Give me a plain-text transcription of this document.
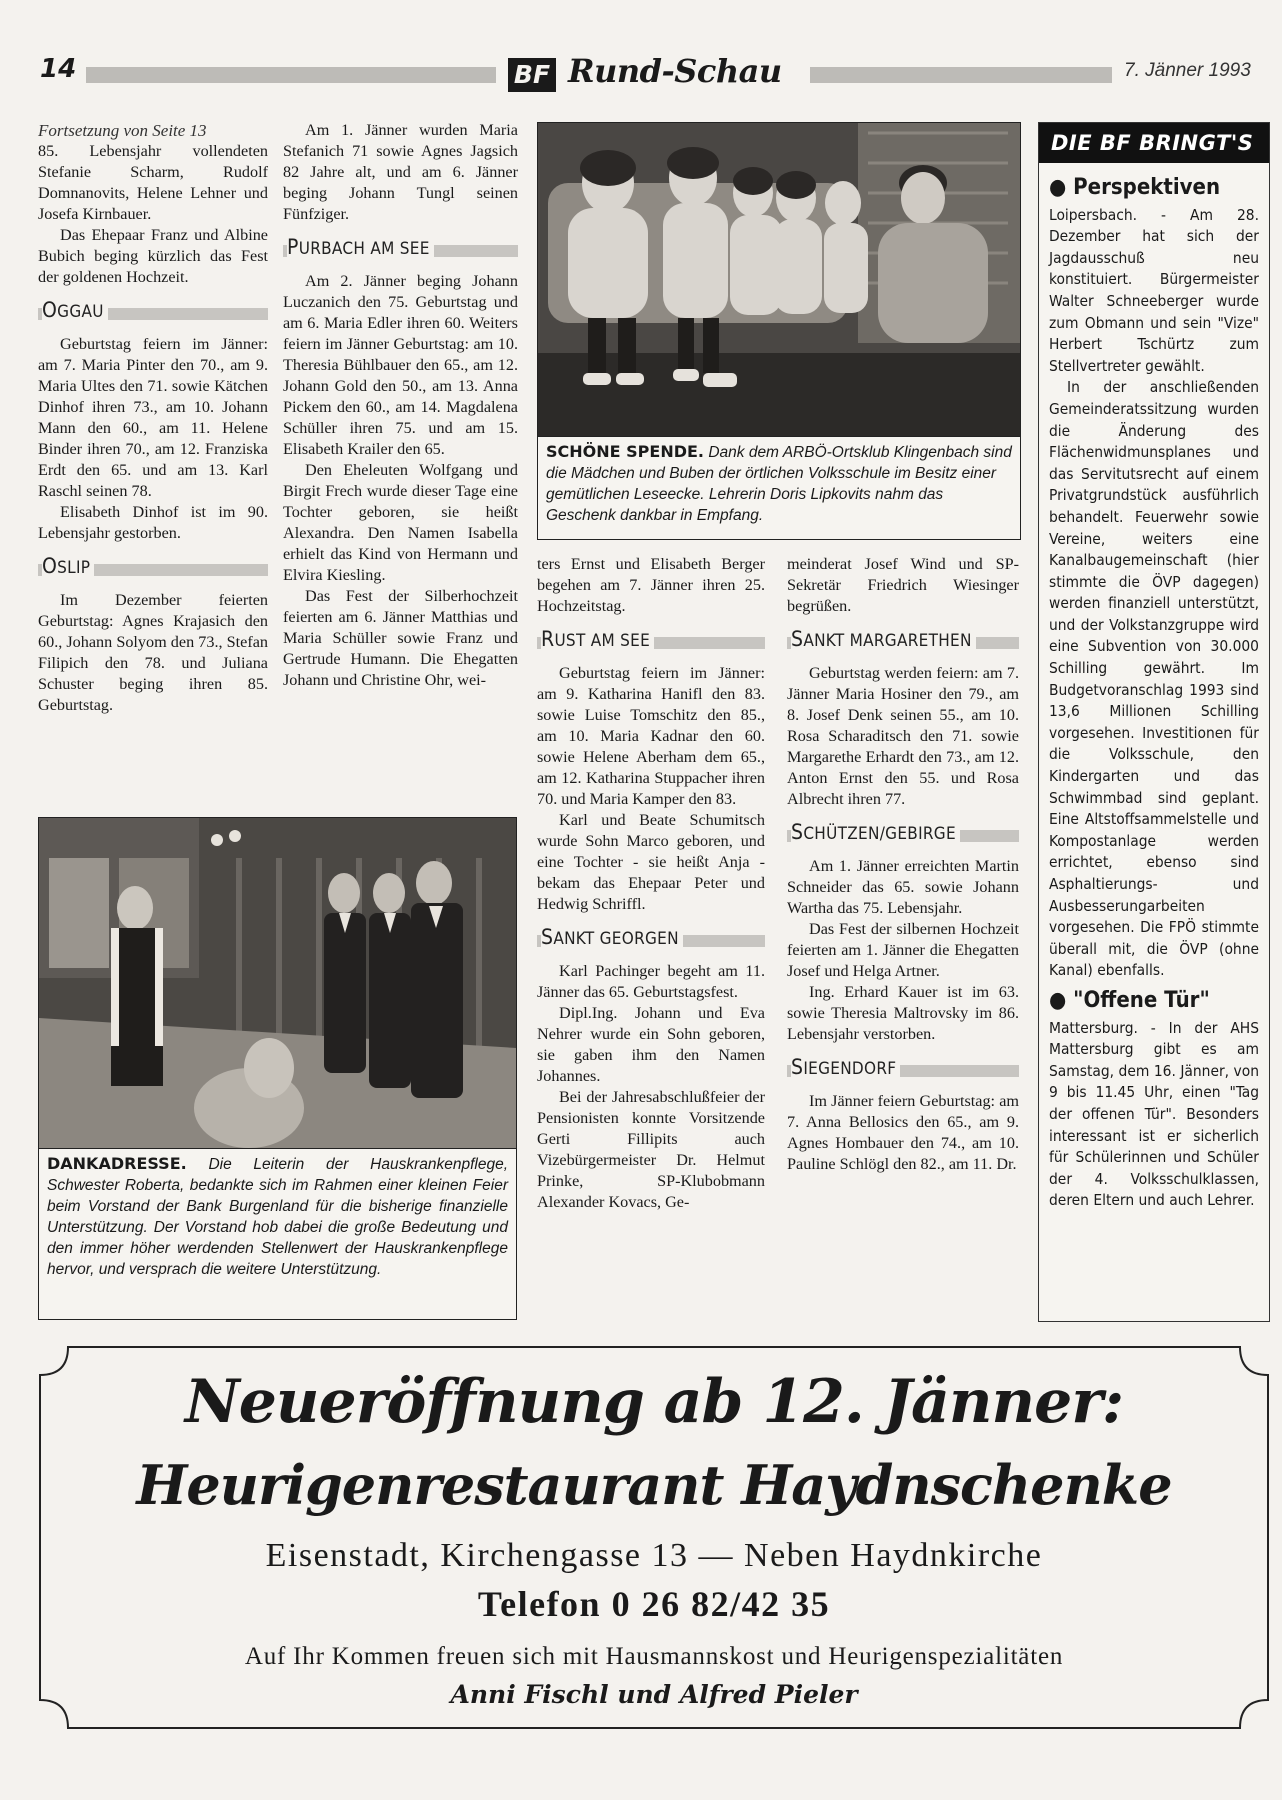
14	BF Rund-Schau	7. Jänner 1993

Fortsetzung von Seite 13

85. Lebensjahr vollendeten Stefanie Scharm, Rudolf Domnanovits, Helene Lehner und Josefa Kirnbauer.

Das Ehepaar Franz und Albine Bubich beging kürzlich das Fest der goldenen Hochzeit.

OGGAU

Geburtstag feiern im Jänner: am 7. Maria Pinter den 70., am 9. Maria Ultes den 71. sowie Kätchen Dinhof ihren 73., am 10. Johann Mann den 60., am 11. Helene Binder ihren 70., am 12. Franziska Erdt den 65. und am 13. Karl Raschl seinen 78.

Elisabeth Dinhof ist im 90. Lebensjahr gestorben.

OSLIP

Im Dezember feierten Geburtstag: Agnes Krajasich den 60., Johann Solyom den 73., Stefan Filipich den 78. und Juliana Schuster beging ihren 85. Geburtstag.

Am 1. Jänner wurden Maria Stefanich 71 sowie Agnes Jagsich 82 Jahre alt, und am 6. Jänner beging Johann Tungl seinen Fünfziger.

PURBACH AM SEE

Am 2. Jänner beging Johann Luczanich den 75. Geburtstag und am 6. Maria Edler ihren 60. Weiters feiern im Jänner Geburtstag: am 10. Theresia Bühlbauer den 65., am 12. Johann Gold den 50., am 13. Anna Pickem den 60., am 14. Magdalena Schüller ihren 75. und am 15. Elisabeth Krailer den 65.

Den Eheleuten Wolfgang und Birgit Frech wurde dieser Tage eine Tochter geboren, sie heißt Alexandra. Den Namen Isabella erhielt das Kind von Hermann und Elvira Kiesling.

Das Fest der Silberhochzeit feierten am 6. Jänner Matthias und Maria Schüller sowie Franz und Gertrude Humann. Die Ehegatten Johann und Christine Ohr, wei-

SCHÖNE SPENDE. Dank dem ARBÖ-Ortsklub Klingenbach sind die Mädchen und Buben der örtlichen Volksschule im Besitz einer gemütlichen Leseecke. Lehrerin Doris Lipkovits nahm das Geschenk dankbar in Empfang.

ters Ernst und Elisabeth Berger begehen am 7. Jänner ihren 25. Hochzeitstag.

RUST AM SEE

Geburtstag feiern im Jänner: am 9. Katharina Hanifl den 83. sowie Luise Tomschitz den 85., am 10. Maria Kadnar den 60. sowie Helene Aberham dem 65., am 12. Katharina Stuppacher ihren 70. und Maria Kamper den 83.

Karl und Beate Schumitsch wurde Sohn Marco geboren, und eine Tochter - sie heißt Anja - bekam das Ehepaar Peter und Hedwig Schriffl.

SANKT GEORGEN

Karl Pachinger begeht am 11. Jänner das 65. Geburtstagsfest.

Dipl.Ing. Johann und Eva Nehrer wurde ein Sohn geboren, sie gaben ihm den Namen Johannes.

Bei der Jahresabschlußfeier der Pensionisten konnte Vorsitzende Gerti Fillipits auch Vizebürgermeister Dr. Helmut Prinke, SP-Klubobmann Alexander Kovacs, Ge-

meinderat Josef Wind und SP-Sekretär Friedrich Wiesinger begrüßen.

SANKT MARGARETHEN

Geburtstag werden feiern: am 7. Jänner Maria Hosiner den 79., am 8. Josef Denk seinen 55., am 10. Rosa Scharaditsch den 71. sowie Margarethe Erhardt den 73., am 12. Anton Ernst den 55. und Rosa Albrecht ihren 77.

SCHÜTZEN/GEBIRGE

Am 1. Jänner erreichten Martin Schneider das 65. sowie Johann Wartha das 75. Lebensjahr.

Das Fest der silbernen Hochzeit feierten am 1. Jänner die Ehegatten Josef und Helga Artner.

Ing. Erhard Kauer ist im 63. sowie Theresia Maltrovsky im 86. Lebensjahr verstorben.

SIEGENDORF

Im Jänner feiern Geburtstag: am 7. Anna Bellosics den 65., am 9. Agnes Hombauer den 74., am 10. Pauline Schlögl den 82., am 11. Dr.

DANKADRESSE. Die Leiterin der Hauskrankenpflege, Schwester Roberta, bedankte sich im Rahmen einer kleinen Feier beim Vorstand der Bank Burgenland für die bisherige finanzielle Unterstützung. Der Vorstand hob dabei die große Bedeutung und den immer höher werdenden Stellenwert der Hauskrankenpflege hervor, und versprach die weitere Unterstützung.
DIE BF BRINGT'S
● Perspektiven

Loipersbach. - Am 28. Dezember hat sich der Jagdausschuß neu konstituiert. Bürgermeister Walter Schneeberger wurde zum Obmann und sein "Vize" Herbert Tschürtz zum Stellvertreter gewählt.

In der anschließenden Gemeinderatssitzung wurden die Änderung des Flächenwidmunsplanes und das Servitutsrecht auf einem Privatgrundstück ausführlich behandelt. Feuerwehr sowie Vereine, weiters eine Kanalbaugemeinschaft (hier stimmte die ÖVP dagegen) werden finanziell unterstützt, und der Volkstanzgruppe wird eine Subvention von 30.000 Schilling gewährt. Im Budgetvoranschlag 1993 sind 13,6 Millionen Schilling vorgesehen. Investitionen für die Volksschule, den Kindergarten und das Schwimmbad sind geplant. Eine Altstoffsammelstelle und Kompostanlage werden errichtet, ebenso sind Asphaltierungs- und Ausbesserungarbeiten vorgesehen. Die FPÖ stimmte überall mit, die ÖVP (ohne Kanal) ebenfalls.

● "Offene Tür"

Mattersburg. - In der AHS Mattersburg gibt es am Samstag, dem 16. Jänner, von 9 bis 11.45 Uhr, einen "Tag der offenen Tür". Besonders interessant ist er sicherlich für Schülerinnen und Schüler der 4. Volksschulklassen, deren Eltern und auch Lehrer.

Neueröffnung ab 12. Jänner:
Heurigenrestaurant Haydnschenke
Eisenstadt, Kirchengasse 13 — Neben Haydnkirche
Telefon 0 26 82/42 35
Auf Ihr Kommen freuen sich mit Hausmannskost und Heurigenspezialitäten
Anni Fischl und Alfred Pieler
